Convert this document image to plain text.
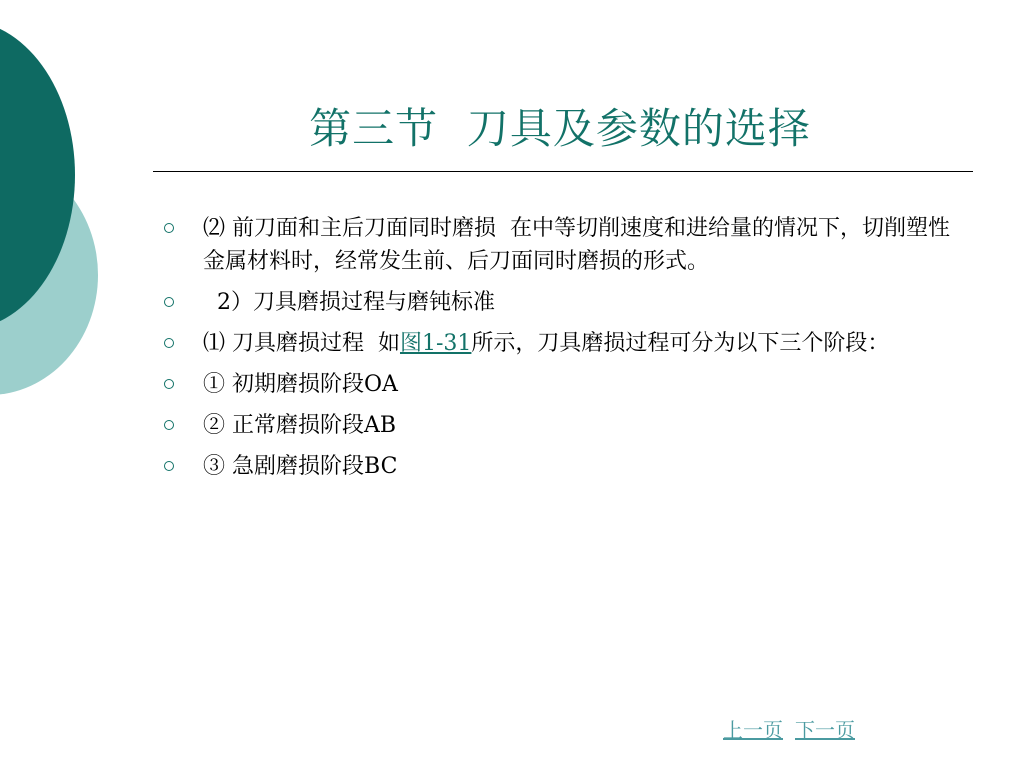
第三节  刀具及参数的选择
⑵ 前刀面和主后刀面同时磨损  在中等切削速度和进给量的情况下，切削塑性金属材料时，经常发生前、后刀面同时磨损的形式。
2）刀具磨损过程与磨钝标准
⑴ 刀具磨损过程  如图1-31所示，刀具磨损过程可分为以下三个阶段：
① 初期磨损阶段OA
② 正常磨损阶段AB
③ 急剧磨损阶段BC
上一页 下一页
